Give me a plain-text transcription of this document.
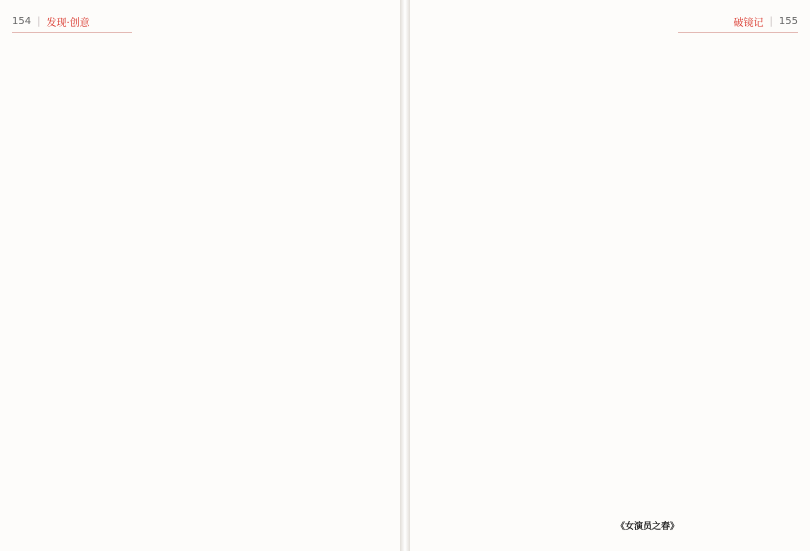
154 | 发现·创意	破镜记 | 155
《女演员之春》
